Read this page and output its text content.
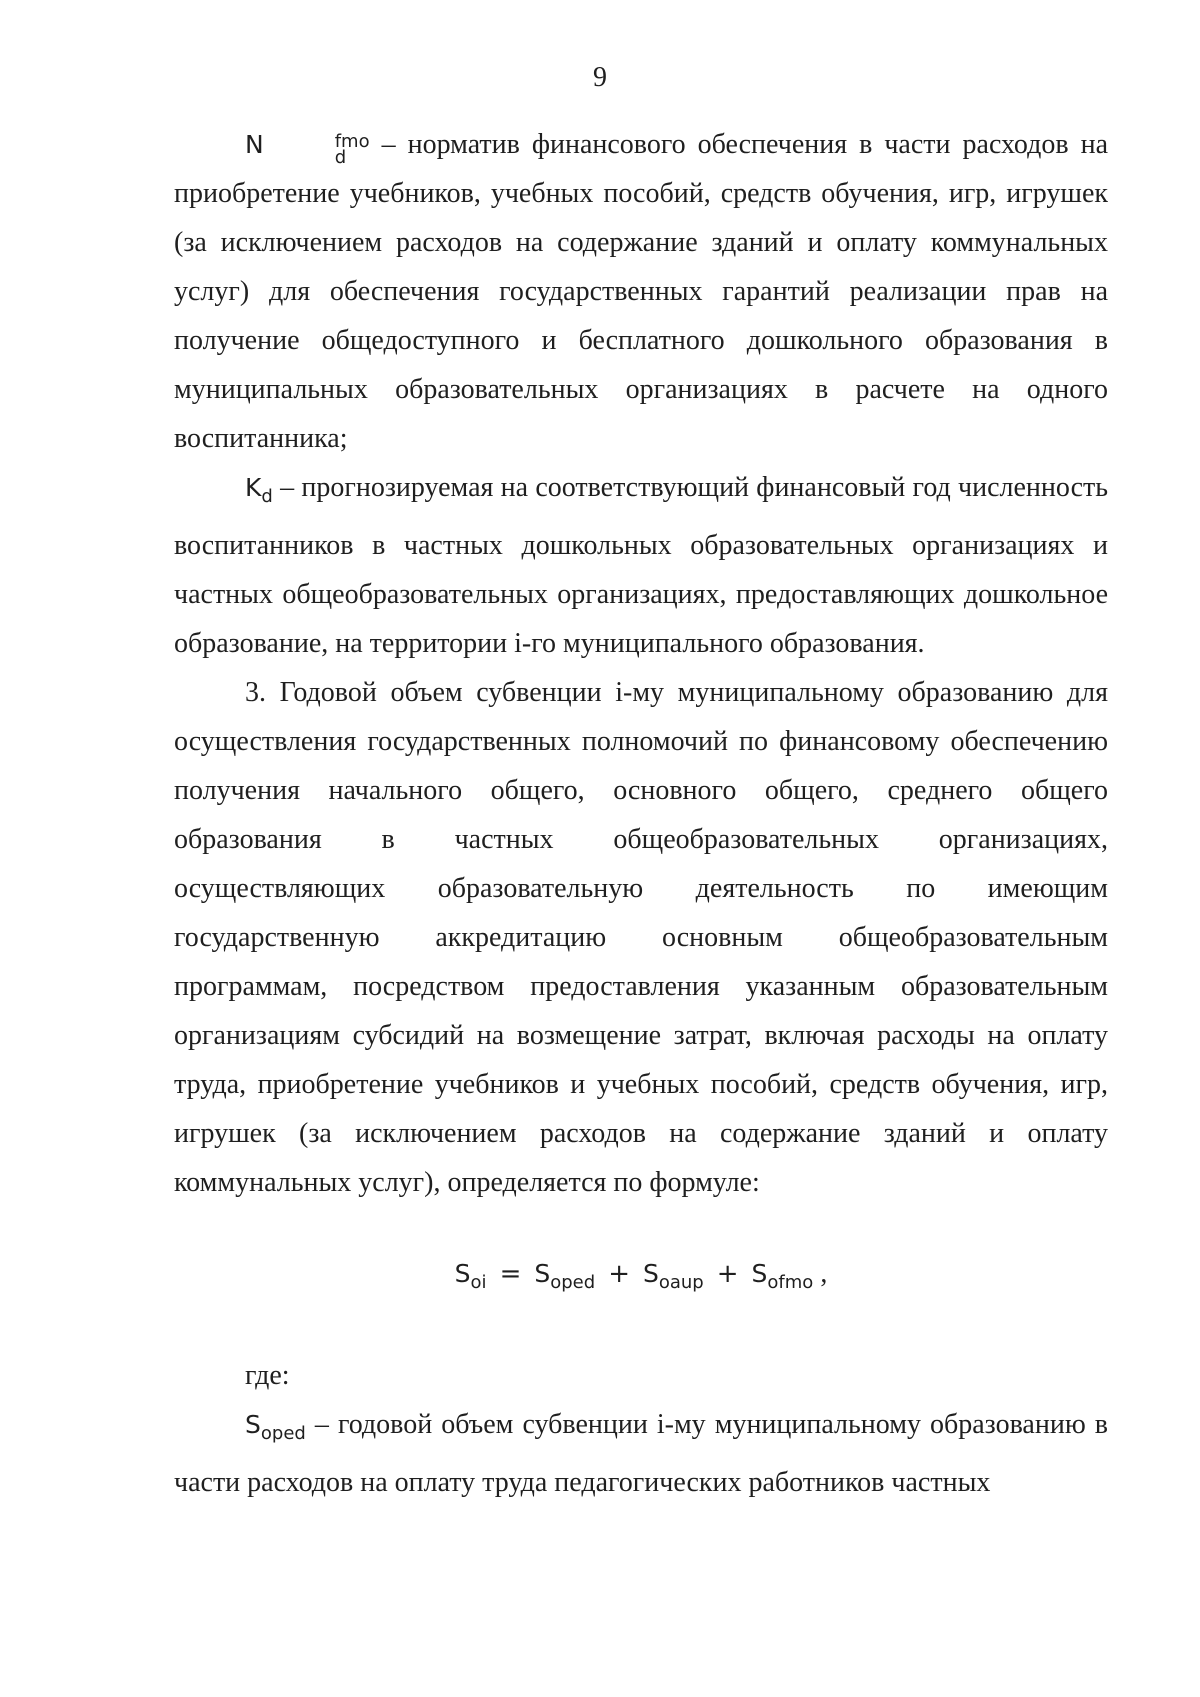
9

N	fmo
d	– норматив финансового обеспечения в части расходов на приобретение учебников, учебных пособий, средств обучения, игр, игрушек (за исключением расходов на содержание зданий и оплату коммунальных услуг) для обеспечения государственных гарантий реализации прав на получение общедоступного и бесплатного дошкольного образования в муниципальных образовательных организациях в расчете на одного воспитанника;

$K_d$ – прогнозируемая на соответствующий финансовый год численность воспитанников в частных дошкольных образовательных организациях и частных общеобразовательных организациях, предоставляющих дошкольное образование, на территории i-го муниципального образования.

3. Годовой объем субвенции i-му муниципальному образованию для осуществления государственных полномочий по финансовому обеспечению получения начального общего, основного общего, среднего общего образования в частных общеобразовательных организациях, осуществляющих образовательную деятельность по имеющим государственную аккредитацию основным общеобразовательным программам, посредством предоставления указанным образовательным организациям субсидий на возмещение затрат, включая расходы на оплату труда, приобретение учебников и учебных пособий, средств обучения, игр, игрушек (за исключением расходов на содержание зданий и оплату коммунальных услуг), определяется по формуле:

$S_{oi} = S_{oped} + S_{oaup} + S_{ofmo}$ ,

где:

$S_{oped}$ – годовой объем субвенции i-му муниципальному образованию в части расходов на оплату труда педагогических работников частных
